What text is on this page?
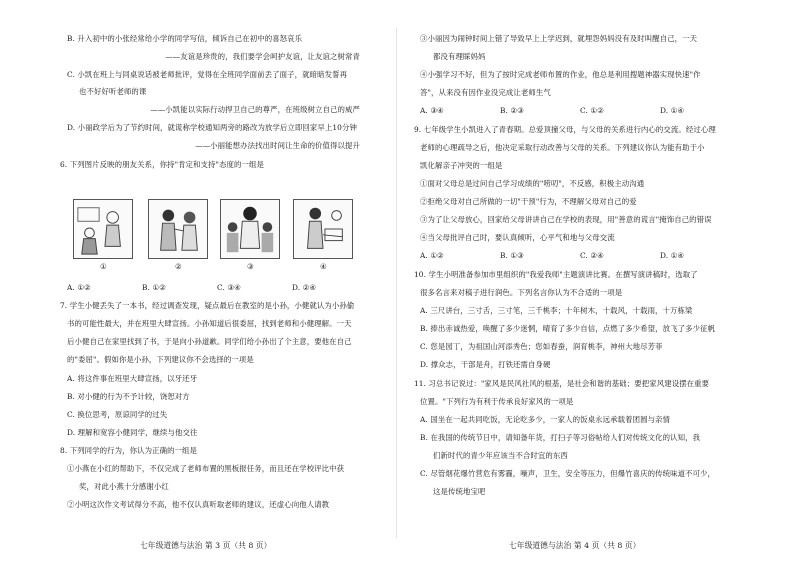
B. 升入初中的小张经常给小学的同学写信，倾诉自己在初中的喜怒哀乐
——友谊是珍贵的，我们要学会呵护友谊，让友谊之树常青
C. 小凯在班上与同桌说话被老师批评，觉得在全班同学面前丢了面子，就暗暗发誓再
也不好好听老师的课
——小凯能以实际行动捍卫自己的尊严，在班级树立自己的威严
D. 小丽政学后为了节约时间，就谎称学校通知两旁的路改为放学后立即回家早上10分钟
——小丽能想办法找出时间让生命的价值得以提升
6. 下列图片反映的朋友关系，你持"肯定和支持"态度的一组是
①	②	③	④
A. ①②	B. ①②	C. ③④	D. ②④
7. 学生小健丢失了一本书，经过调查发现，疑点最后在教室的是小孙，小健就认为小孙偷
书的可能性最大，并在班里大肆宣扬。小孙知道后很委屈，找到老师和小健理解。一天
后小健自己在家里找到了书，于是向小孙道歉。同学们给小孙出了个主意，要他在自己
的"委屈"。假如你是小孙，下列建议你不会选择的一项是
A. 将这件事在班里大肆宣扬，以牙还牙
B. 对小健的行为不予计较，饶恕对方
C. 换位思考，原谅同学的过失
D. 理解和宽容小健同学，继续与他交往
8. 下列同学的行为，你认为正确的一组是
①小燕在小红的帮助下，不仅完成了老师布置的黑板报任务，而且还在学校评比中获
奖，对此小燕十分感谢小红
②小明这次作文考试得分不高，他不仅认真听取老师的建议，还虚心向他人请教
七年级道德与法治 第 3 页（共 8 页）
③小丽因为闹钟时间上错了导致早上上学迟到，就埋怨妈妈没有及时叫醒自己，一天
都没有理睬妈妈
④小强学习不好，但为了按时完成老师布置的作业，他总是利用搜题神器实现快速"作
答"，从来没有因作业没完成让老师生气
A. ③④	B. ②③	C. ①②	D. ①④
9. 七年级学生小凯进入了青春期。总爱顶撞父母，与父母的关系进行内心的交流。经过心理
老师的心理疏导之后，他决定采取行动改善与父母的关系。下列建议你认为能有助于小
凯化解亲子冲突的一组是
①面对父母总是过问自己学习成绩的"唠叨"，不反感，积极主动沟通
②拒绝父母对自己所做的一切"干预"行为，不理解父母对自己的爱
③为了让父母放心，回家给父母讲讲自己在学校的表现，用"善意的谎言"掩饰自己的错误
④当父母批评自己时，要认真倾听，心平气和地与父母交流
A. ①②	B. ①③	C. ②④	D. ①④
10. 学生小明准备参加市里组织的"我爱我师"主题演讲比赛。在撰写演讲稿时，选取了
很多名言来对稿子进行润色。下列名言你认为不合适的一项是
A. 三尺讲台，三寸舌，三寸笔，三千桃李；十年树木，十载风，十载雨，十万栋梁
B. 捧出赤诚热爱，唤醒了多少迷惘，晴育了多少自信，点燃了多少希望，放飞了多少征帆
C. 您是园丁，为祖国山河添秀色；您如春蚕，润育桃李，神州大地尽芳菲
D. 撑众志，干部是舟，打铁还需自身硬
11. 习总书记说过："家风是民风社风的根基，是社会和谐的基础；要把家风建设摆在重要
位置。"下列行为有利于传承良好家风的一项是
A. 国坐在一起共同吃饭，无论吃多少，一家人的饭桌永远承载着团圆与亲情
B. 在我国的传统节日中，请知备年货，打扫子等习俗帖给人们对传统文化的认知，我
们新时代的青少年应该当不合时宜的东西
C. 尽管烟花爆竹营危有雾霾，噪声，卫生，安全等压力，但爆竹喜庆的传统味道不可少，
这是传统地宝吧
七年级道德与法治 第 4 页（共 8 页）
